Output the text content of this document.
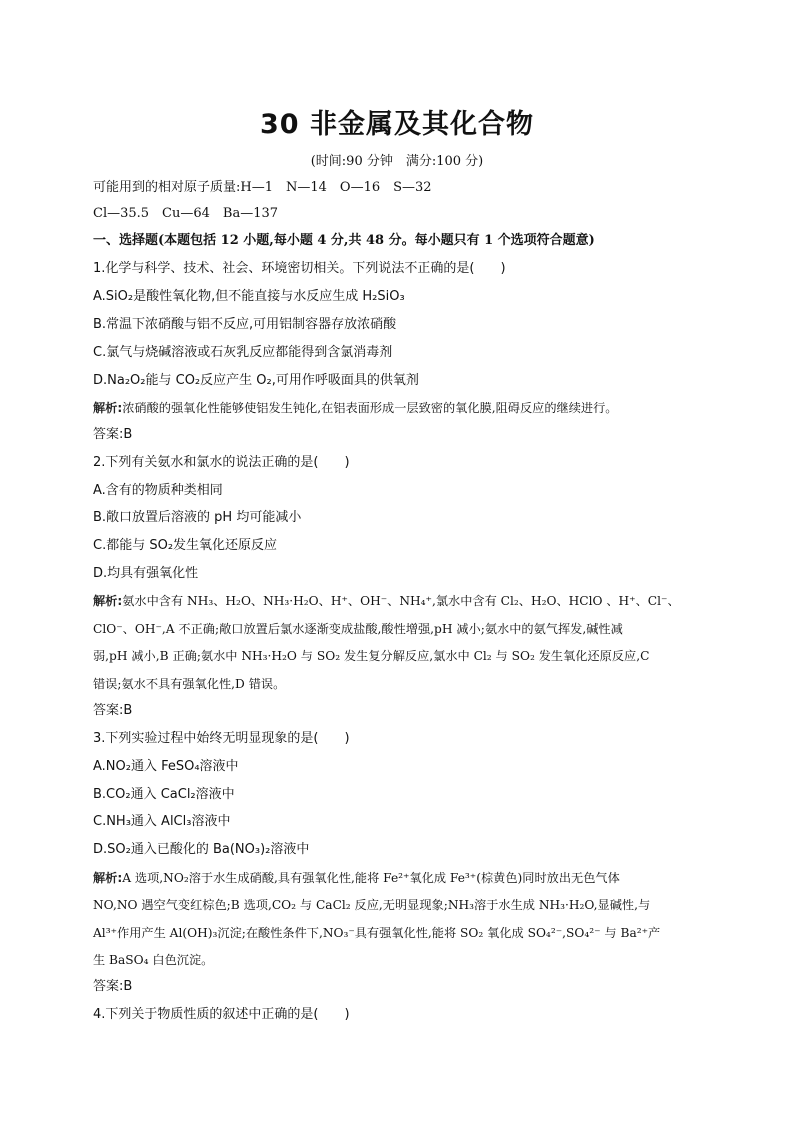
30 非金属及其化合物
(时间:90 分钟　满分:100 分)
可能用到的相对原子质量:H—1　N—14　O—16　S—32
Cl—35.5　Cu—64　Ba—137
一、选择题(本题包括 12 小题,每小题 4 分,共 48 分。每小题只有 1 个选项符合题意)
1.化学与科学、技术、社会、环境密切相关。下列说法不正确的是(　　)
A.SiO₂是酸性氧化物,但不能直接与水反应生成 H₂SiO₃
B.常温下浓硝酸与铝不反应,可用铝制容器存放浓硝酸
C.氯气与烧碱溶液或石灰乳反应都能得到含氯消毒剂
D.Na₂O₂能与 CO₂反应产生 O₂,可用作呼吸面具的供氧剂
解析:浓硝酸的强氧化性能够使铝发生钝化,在铝表面形成一层致密的氧化膜,阻碍反应的继续进行。
答案:B
2.下列有关氨水和氯水的说法正确的是(　　)
A.含有的物质种类相同
B.敞口放置后溶液的 pH 均可能减小
C.都能与 SO₂发生氧化还原反应
D.均具有强氧化性
解析:氨水中含有 NH₃、H₂O、NH₃·H₂O、H⁺、OH⁻、NH₄⁺,氯水中含有 Cl₂、H₂O、HClO 、H⁺、Cl⁻、
ClO⁻、OH⁻,A 不正确;敞口放置后氯水逐渐变成盐酸,酸性增强,pH 减小;氨水中的氨气挥发,碱性减
弱,pH 减小,B 正确;氨水中 NH₃·H₂O 与 SO₂ 发生复分解反应,氯水中 Cl₂ 与 SO₂ 发生氧化还原反应,C
错误;氨水不具有强氧化性,D 错误。
答案:B
3.下列实验过程中始终无明显现象的是(　　)
A.NO₂通入 FeSO₄溶液中
B.CO₂通入 CaCl₂溶液中
C.NH₃通入 AlCl₃溶液中
D.SO₂通入已酸化的 Ba(NO₃)₂溶液中
解析:A 选项,NO₂溶于水生成硝酸,具有强氧化性,能将 Fe²⁺氧化成 Fe³⁺(棕黄色)同时放出无色气体
NO,NO 遇空气变红棕色;B 选项,CO₂ 与 CaCl₂ 反应,无明显现象;NH₃溶于水生成 NH₃·H₂O,显碱性,与
Al³⁺作用产生 Al(OH)₃沉淀;在酸性条件下,NO₃⁻具有强氧化性,能将 SO₂ 氧化成 SO₄²⁻,SO₄²⁻ 与 Ba²⁺产
生 BaSO₄ 白色沉淀。
答案:B
4.下列关于物质性质的叙述中正确的是(　　)
